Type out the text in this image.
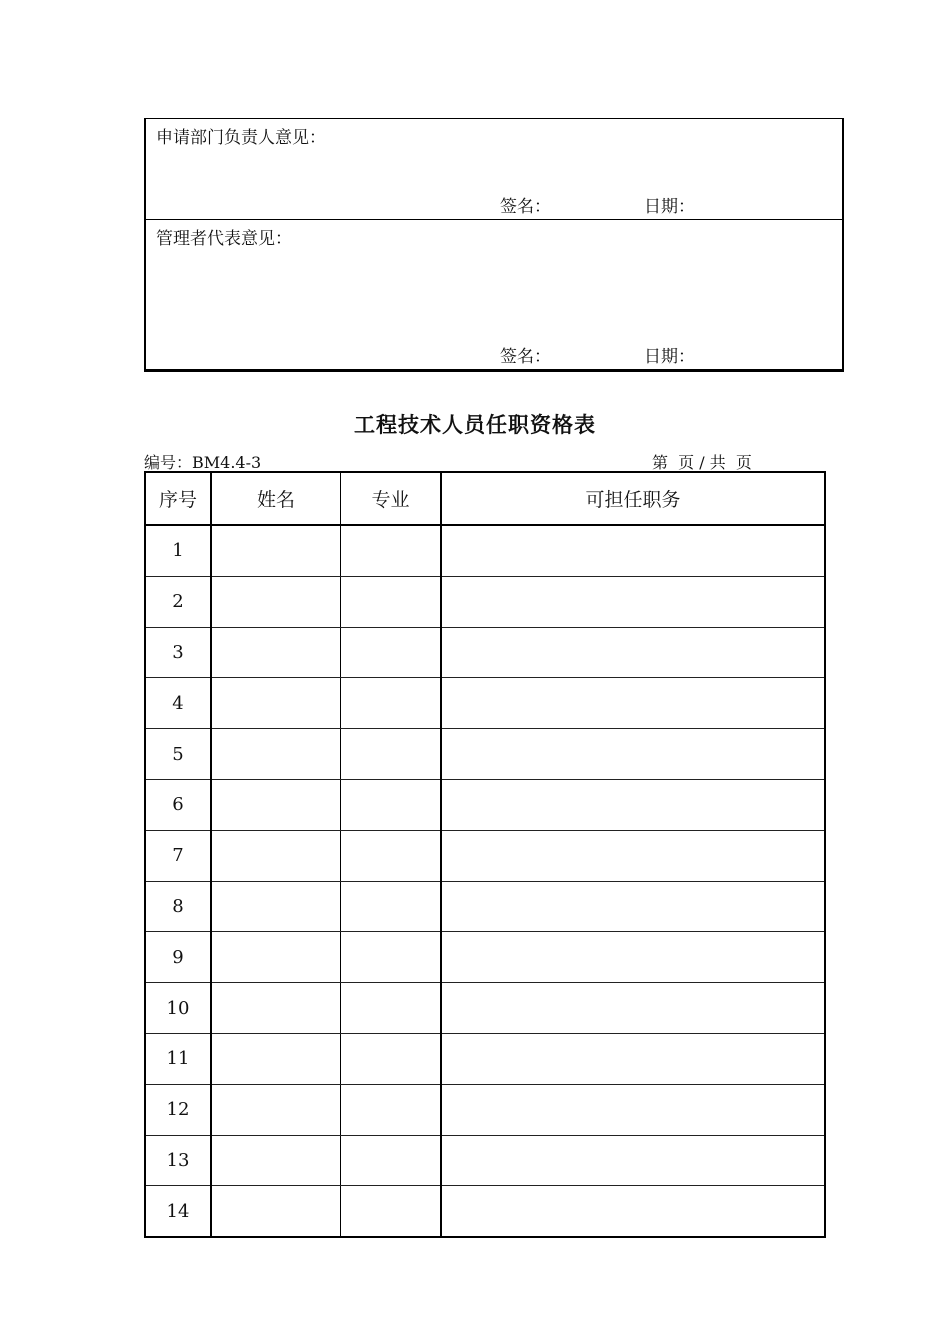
申请部门负责人意见：
签名：	日期：
管理者代表意见：
签名：	日期：
工程技术人员任职资格表
编号：BM4.4-3	第  页 / 共  页
序号	姓名	专业	可担任职务
1			
2			
3			
4			
5			
6			
7			
8			
9			
10			
11			
12			
13			
14			
